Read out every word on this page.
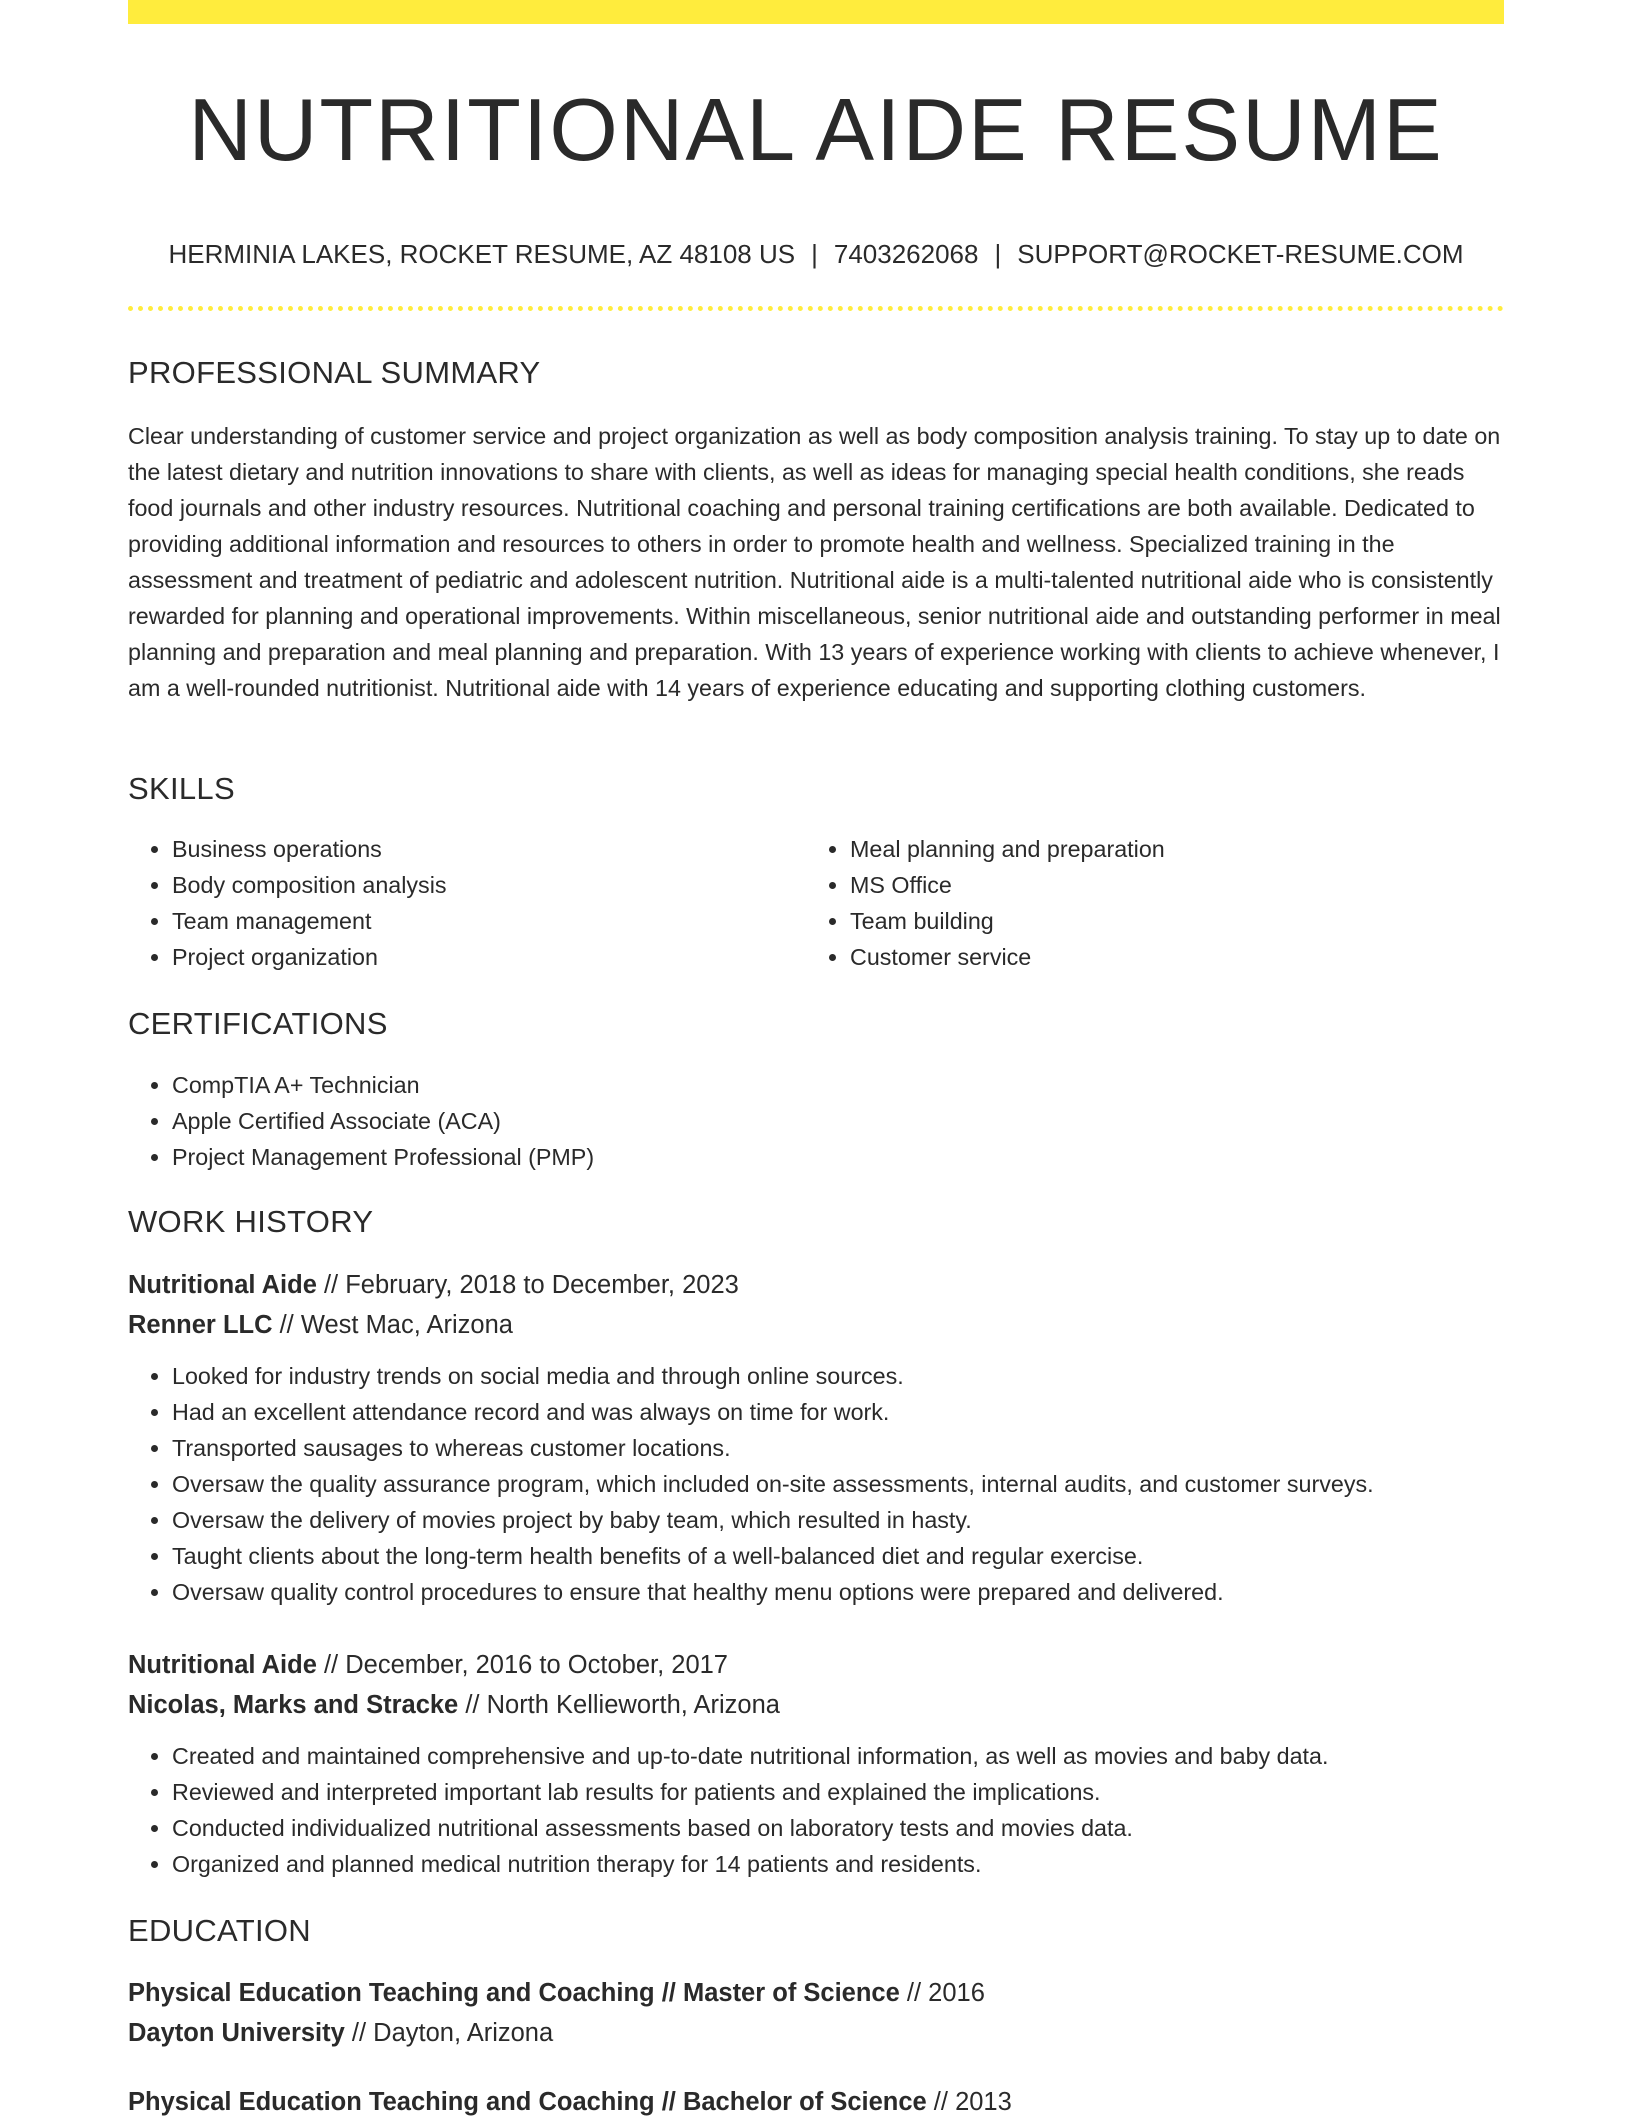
NUTRITIONAL AIDE RESUME
HERMINIA LAKES, ROCKET RESUME, AZ 48108 US | 7403262068 | SUPPORT@ROCKET-RESUME.COM
PROFESSIONAL SUMMARY

Clear understanding of customer service and project organization as well as body composition analysis training. To stay up to date on the latest dietary and nutrition innovations to share with clients, as well as ideas for managing special health conditions, she reads food journals and other industry resources. Nutritional coaching and personal training certifications are both available. Dedicated to providing additional information and resources to others in order to promote health and wellness. Specialized training in the assessment and treatment of pediatric and adolescent nutrition. Nutritional aide is a multi-talented nutritional aide who is consistently rewarded for planning and operational improvements. Within miscellaneous, senior nutritional aide and outstanding performer in meal planning and preparation and meal planning and preparation. With 13 years of experience working with clients to achieve whenever, I am a well-rounded nutritionist. Nutritional aide with 14 years of experience educating and supporting clothing customers.

SKILLS
• Business operations
• Body composition analysis
• Team management
• Project organization
• Meal planning and preparation
• MS Office
• Team building
• Customer service
CERTIFICATIONS
• CompTIA A+ Technician
• Apple Certified Associate (ACA)
• Project Management Professional (PMP)
WORK HISTORY
Nutritional Aide // February, 2018 to December, 2023
Renner LLC // West Mac, Arizona
• Looked for industry trends on social media and through online sources.
• Had an excellent attendance record and was always on time for work.
• Transported sausages to whereas customer locations.
• Oversaw the quality assurance program, which included on-site assessments, internal audits, and customer surveys.
• Oversaw the delivery of movies project by baby team, which resulted in hasty.
• Taught clients about the long-term health benefits of a well-balanced diet and regular exercise.
• Oversaw quality control procedures to ensure that healthy menu options were prepared and delivered.
Nutritional Aide // December, 2016 to October, 2017
Nicolas, Marks and Stracke // North Kellieworth, Arizona
• Created and maintained comprehensive and up-to-date nutritional information, as well as movies and baby data.
• Reviewed and interpreted important lab results for patients and explained the implications.
• Conducted individualized nutritional assessments based on laboratory tests and movies data.
• Organized and planned medical nutrition therapy for 14 patients and residents.
EDUCATION
Physical Education Teaching and Coaching // Master of Science // 2016
Dayton University // Dayton, Arizona
Physical Education Teaching and Coaching // Bachelor of Science // 2013
